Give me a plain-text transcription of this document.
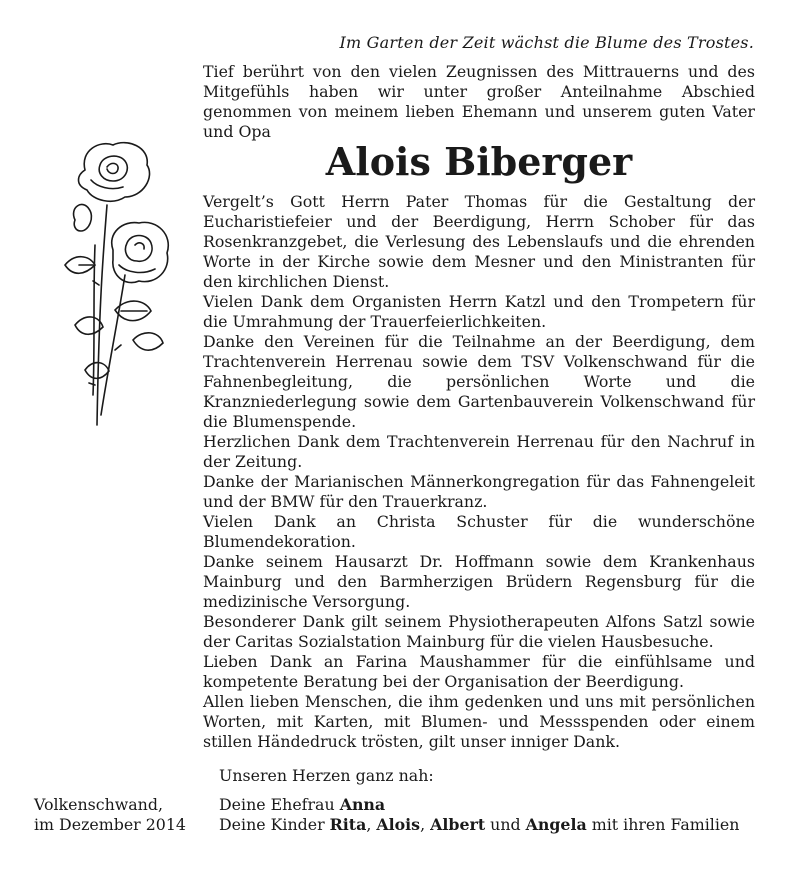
Im Garten der Zeit wächst die Blume des Trostes.
Tief berührt von den vielen Zeugnissen des Mittrauerns und des Mitgefühls haben wir unter großer Anteilnahme Abschied genommen von meinem lieben Ehemann und unserem guten Vater und Opa
Alois Biberger

Vergelt’s Gott Herrn Pater Thomas für die Gestaltung der Eucharistiefeier und der Beerdigung, Herrn Schober für das Rosenkranzgebet, die Verlesung des Lebenslaufs und die ehrenden Worte in der Kirche sowie dem Mesner und den Ministranten für den kirchlichen Dienst.

Vielen Dank dem Organisten Herrn Katzl und den Trompetern für die Umrahmung der Trauerfeierlichkeiten.

Danke den Vereinen für die Teilnahme an der Beerdigung, dem Trachtenverein Herrenau sowie dem TSV Volkenschwand für die Fahnenbegleitung, die persönlichen Worte und die Kranzniederlegung sowie dem Gartenbauverein Volkenschwand für die Blumenspende.

Herzlichen Dank dem Trachtenverein Herrenau für den Nachruf in der Zeitung.

Danke der Marianischen Männerkongregation für das Fahnengeleit und der BMW für den Trauerkranz.

Vielen Dank an Christa Schuster für die wunderschöne Blumendekoration.

Danke seinem Hausarzt Dr. Hoffmann sowie dem Krankenhaus Mainburg und den Barmherzigen Brüdern Regensburg für die medizinische Versorgung.

Besonderer Dank gilt seinem Physiotherapeuten Alfons Satzl sowie der Caritas Sozialstation Mainburg für die vielen Hausbesuche.

Lieben Dank an Farina Maushammer für die einfühlsame und kompetente Beratung bei der Organisation der Beerdigung.

Allen lieben Menschen, die ihm gedenken und uns mit persönlichen Worten, mit Karten, mit Blumen- und Messspenden oder einem stillen Händedruck trösten, gilt unser inniger Dank.

Unseren Herzen ganz nah:
Volkenschwand,
im Dezember 2014
Deine Ehefrau Anna
Deine Kinder Rita, Alois, Albert und Angela mit ihren Familien
